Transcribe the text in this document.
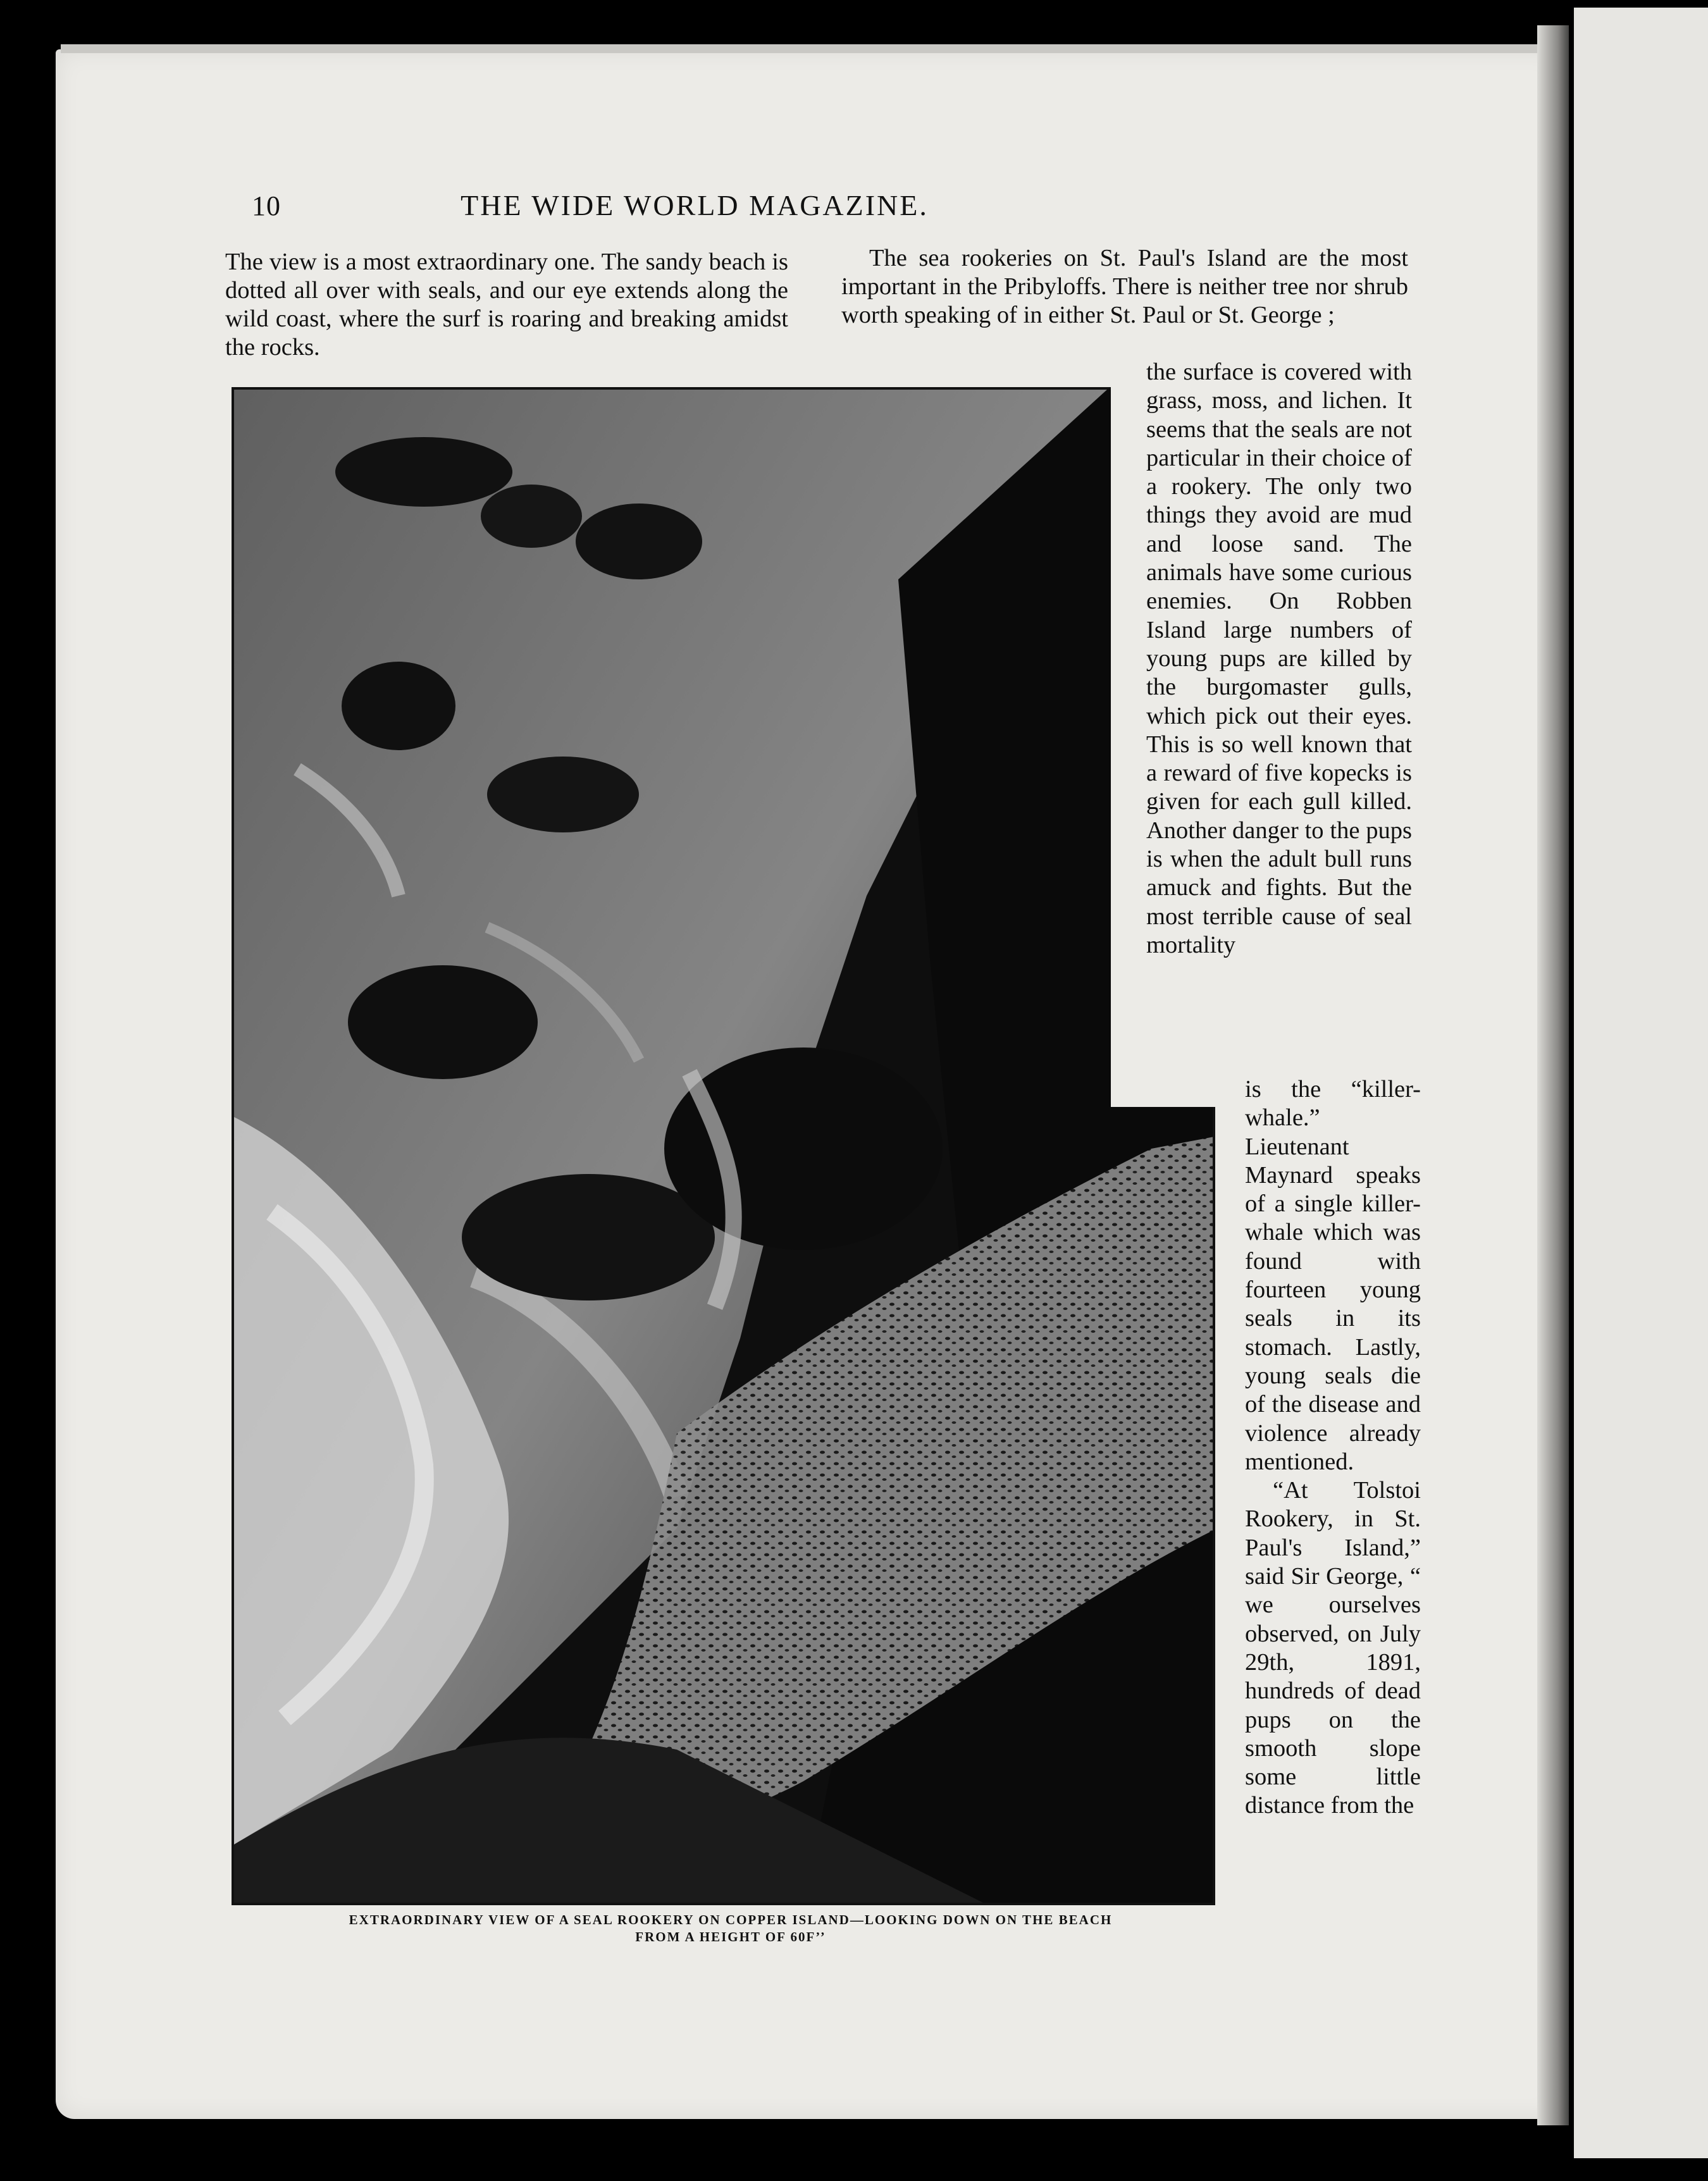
10	THE WIDE WORLD MAGAZINE.

The view is a most extraordinary one. The sandy beach is dotted all over with seals, and our eye extends along the wild coast, where the surf is roaring and breaking amidst the rocks.

The sea rookeries on St. Paul's Island are the most important in the Pribyloffs. There is neither tree nor shrub worth speaking of in either St. Paul or St. George ;

the surface is covered with grass, moss, and lichen. It seems that the seals are not particular in their choice of a rookery. The only two things they avoid are mud and loose sand. The animals have some curious enemies. On Robben Island large numbers of young pups are killed by the burgomaster gulls, which pick out their eyes. This is so well known that a reward of five kopecks is given for each gull killed. Another danger to the pups is when the adult bull runs amuck and fights. But the most terrible cause of seal mortality

is the “killer-whale.” Lieutenant Maynard speaks of a single killer-whale which was found with fourteen young seals in its stomach. Lastly, young seals die of the disease and violence already mentioned.

“At Tolstoi Rookery, in St. Paul's Island,” said Sir George, “ we ourselves observed, on July 29th, 1891, hundreds of dead pups on the smooth slope some little distance from the

EXTRAORDINARY VIEW OF A SEAL ROOKERY ON COPPER ISLAND—LOOKING DOWN ON THE BEACH
FROM A HEIGHT OF 60F’’
